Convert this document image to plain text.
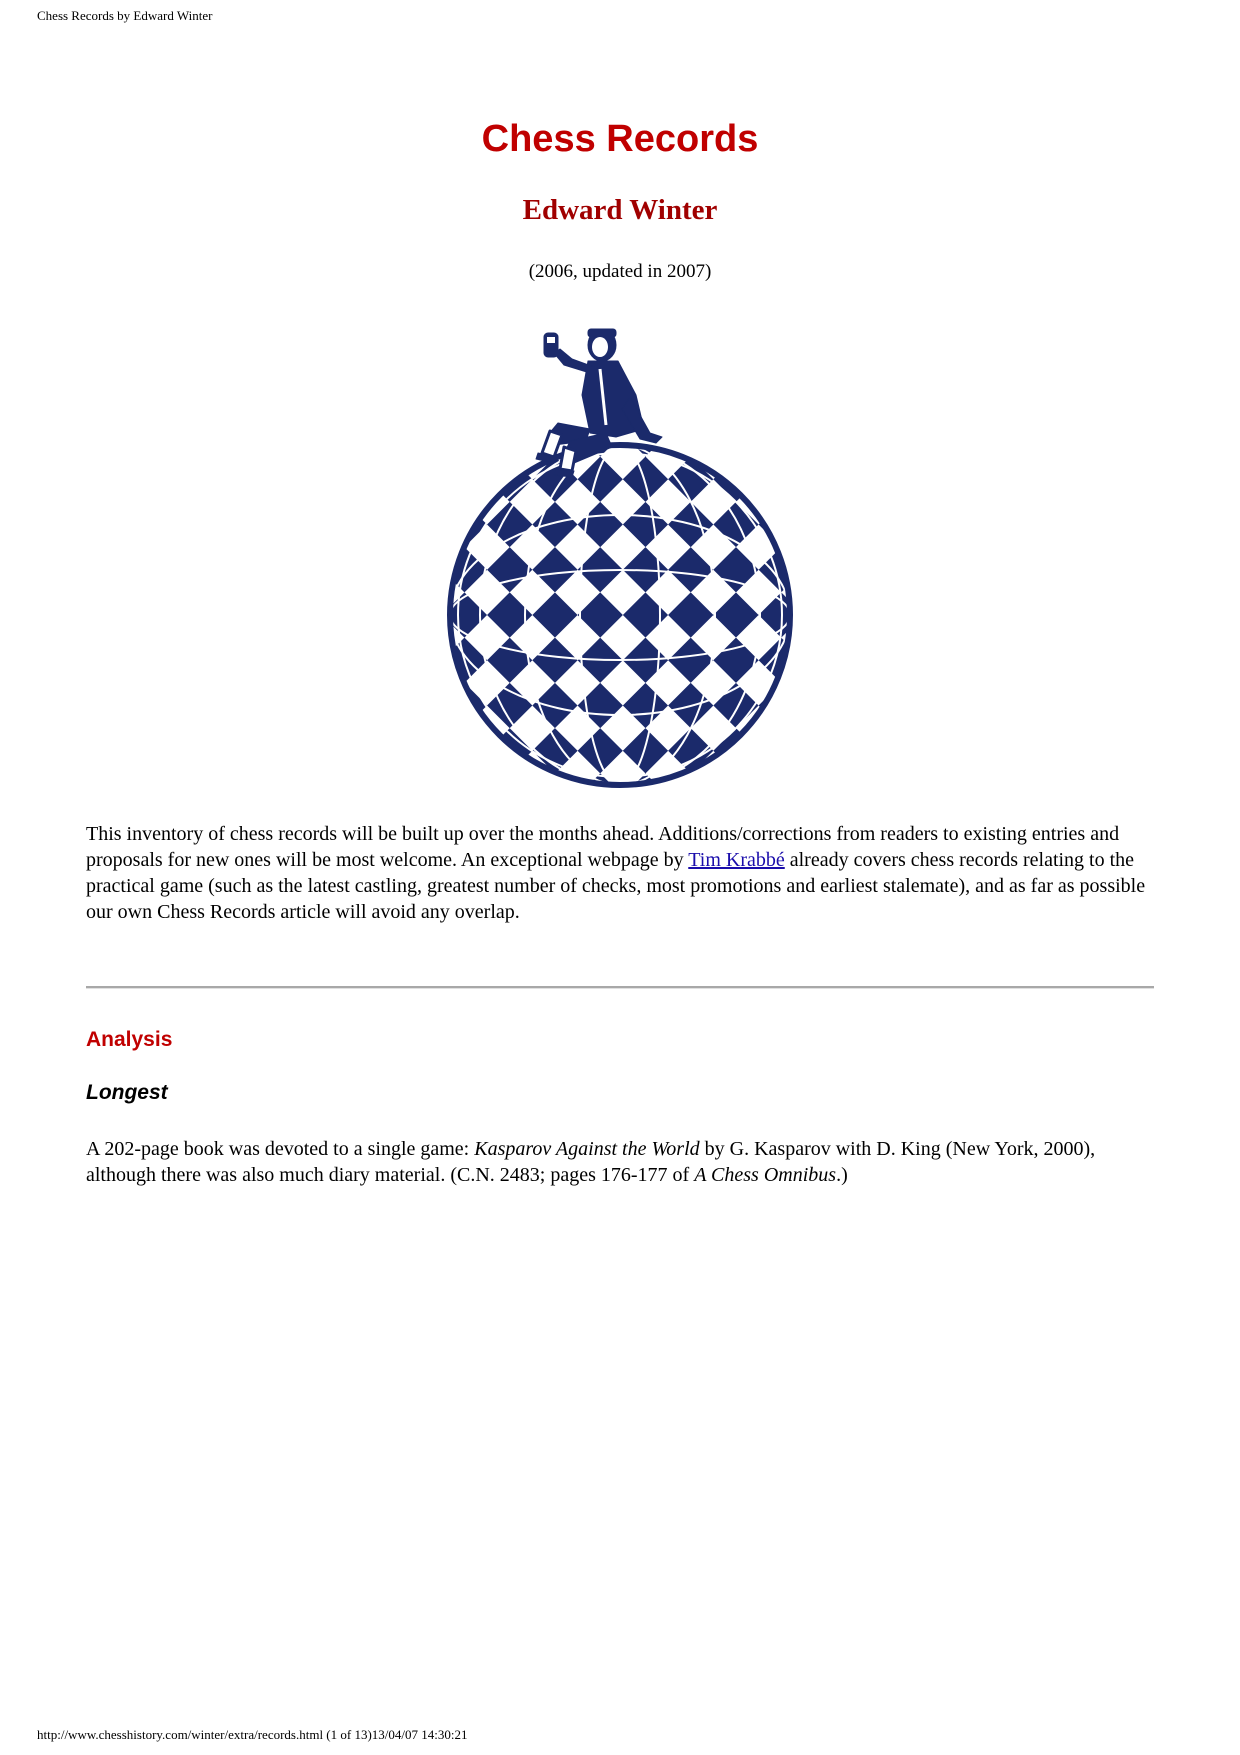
Chess Records by Edward Winter
Chess Records
Edward Winter
(2006, updated in 2007)

This inventory of chess records will be built up over the months ahead. Additions/corrections from readers to existing entries and proposals for new ones will be most welcome. An exceptional webpage by Tim Krabbé already covers chess records relating to the practical game (such as the latest castling, greatest number of checks, most promotions and earliest stalemate), and as far as possible our own Chess Records article will avoid any overlap.

Analysis
Longest

A 202-page book was devoted to a single game: Kasparov Against the World by G. Kasparov with D. King (New York, 2000), although there was also much diary material. (C.N. 2483; pages 176-177 of A Chess Omnibus.)

http://www.chesshistory.com/winter/extra/records.html (1 of 13)13/04/07 14:30:21
